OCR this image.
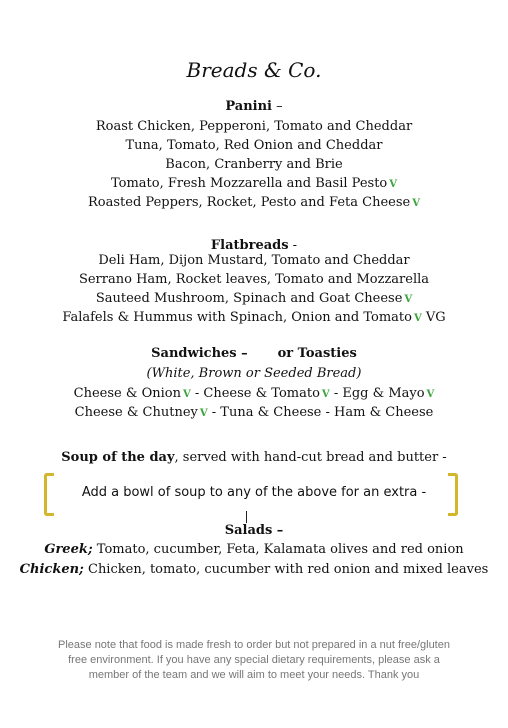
Breads & Co.
Panini –
Roast Chicken, Pepperoni, Tomato and Cheddar
Tuna, Tomato, Red Onion and Cheddar
Bacon, Cranberry and Brie
Tomato, Fresh Mozzarella and Basil Pesto V
Roasted Peppers, Rocket, Pesto and Feta Cheese V
Flatbreads -
Deli Ham, Dijon Mustard, Tomato and Cheddar
Serrano Ham, Rocket leaves, Tomato and Mozzarella
Sauteed Mushroom, Spinach and Goat Cheese V
Falafels & Hummus with Spinach, Onion and Tomato V VG
Sandwiches – or Toasties
(White, Brown or Seeded Bread)
Cheese & Onion V - Cheese & Tomato V - Egg & Mayo V
Cheese & Chutney V - Tuna & Cheese - Ham & Cheese
Soup of the day, served with hand-cut bread and butter -
Add a bowl of soup to any of the above for an extra -
Salads –
Greek; Tomato, cucumber, Feta, Kalamata olives and red onion
Chicken; Chicken, tomato, cucumber with red onion and mixed leaves
Please note that food is made fresh to order but not prepared in a nut free/gluten
free environment. If you have any special dietary requirements, please ask a
member of the team and we will aim to meet your needs. Thank you
